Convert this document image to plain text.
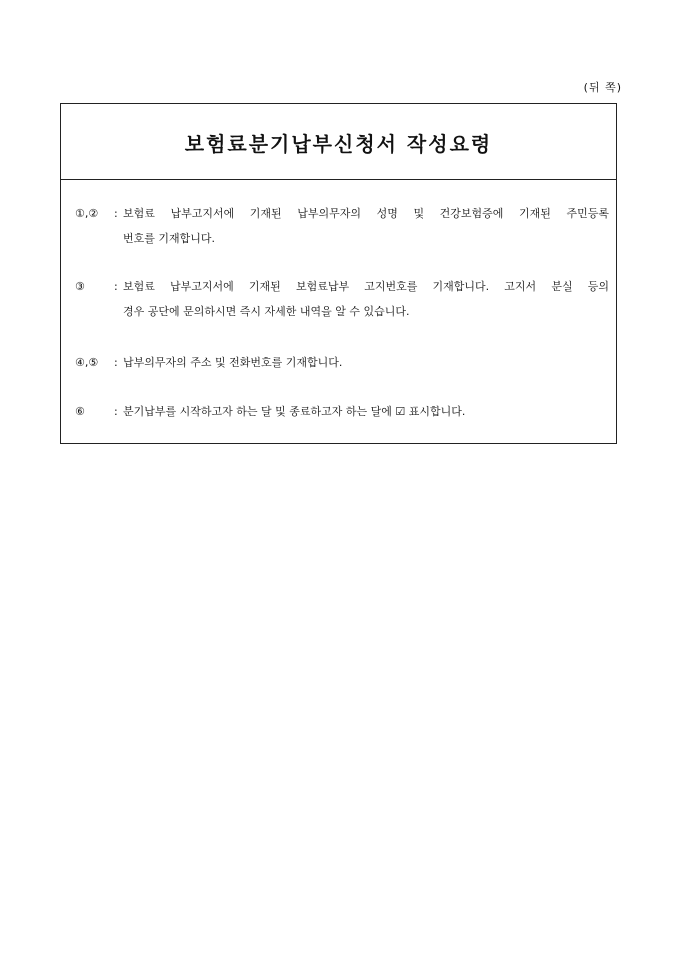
(뒤 쪽)
보험료분기납부신청서 작성요령
①,② : 보험료 납부고지서에 기재된 납부의무자의 성명 및 건강보험증에 기재된 주민등록
번호를 기재합니다.
③	: 보험료 납부고지서에 기재된 보험료납부 고지번호를 기재합니다. 고지서 분실 등의
경우 공단에 문의하시면 즉시 자세한 내역을 알 수 있습니다.
④,⑤ : 납부의무자의 주소 및 전화번호를 기재합니다.
⑥	: 분기납부를 시작하고자 하는 달 및 종료하고자 하는 달에 ☑ 표시합니다.
